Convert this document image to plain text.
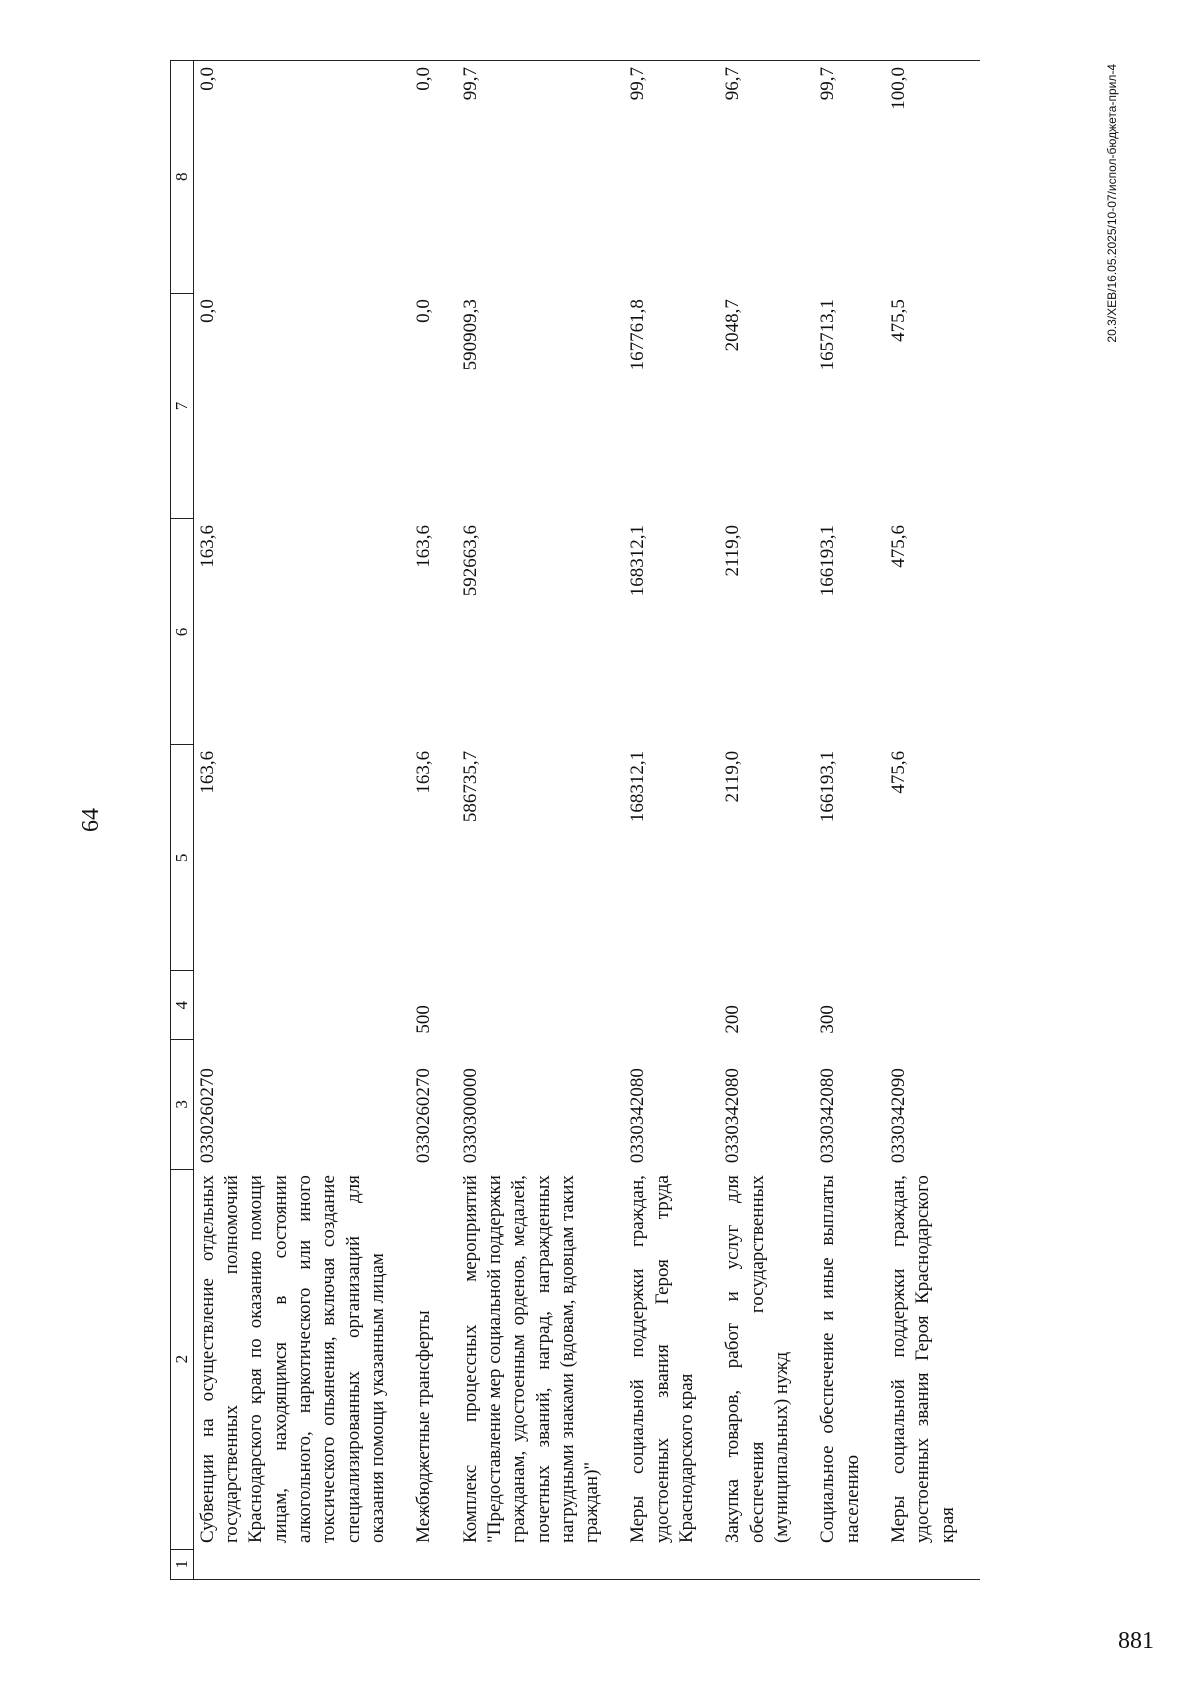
64
1	2	3	4	5	6	7	8
	Субвенции на осуществление отдельных государственных полномочий Краснодарского края по оказанию помощи лицам, находящимся в состоянии алкогольного, наркотического или иного токсического опьянения, включая создание специализированных организаций для оказания помощи указанным лицам	0330260270		163,6	163,6	0,0	0,0
	Межбюджетные трансферты	0330260270	500	163,6	163,6	0,0	0,0
	Комплекс процессных мероприятий "Предоставление мер социальной поддержки гражданам, удостоенным орденов, медалей, почетных званий, наград, награжденных нагрудными знаками (вдовам, вдовцам таких граждан)"	0330300000		586735,7	592663,6	590909,3	99,7
	Меры социальной поддержки граждан, удостоенных звания Героя труда Краснодарского края	0330342080		168312,1	168312,1	167761,8	99,7
	Закупка товаров, работ и услуг для обеспечения государственных (муниципальных) нужд	0330342080	200	2119,0	2119,0	2048,7	96,7
	Социальное обеспечение и иные выплаты населению	0330342080	300	166193,1	166193,1	165713,1	99,7
	Меры социальной поддержки граждан, удостоенных звания Героя Краснодарского края	0330342090		475,6	475,6	475,5	100,0	20.3/XEB/16.05.2025/10-07/испол-бюджета-прил-4
881
